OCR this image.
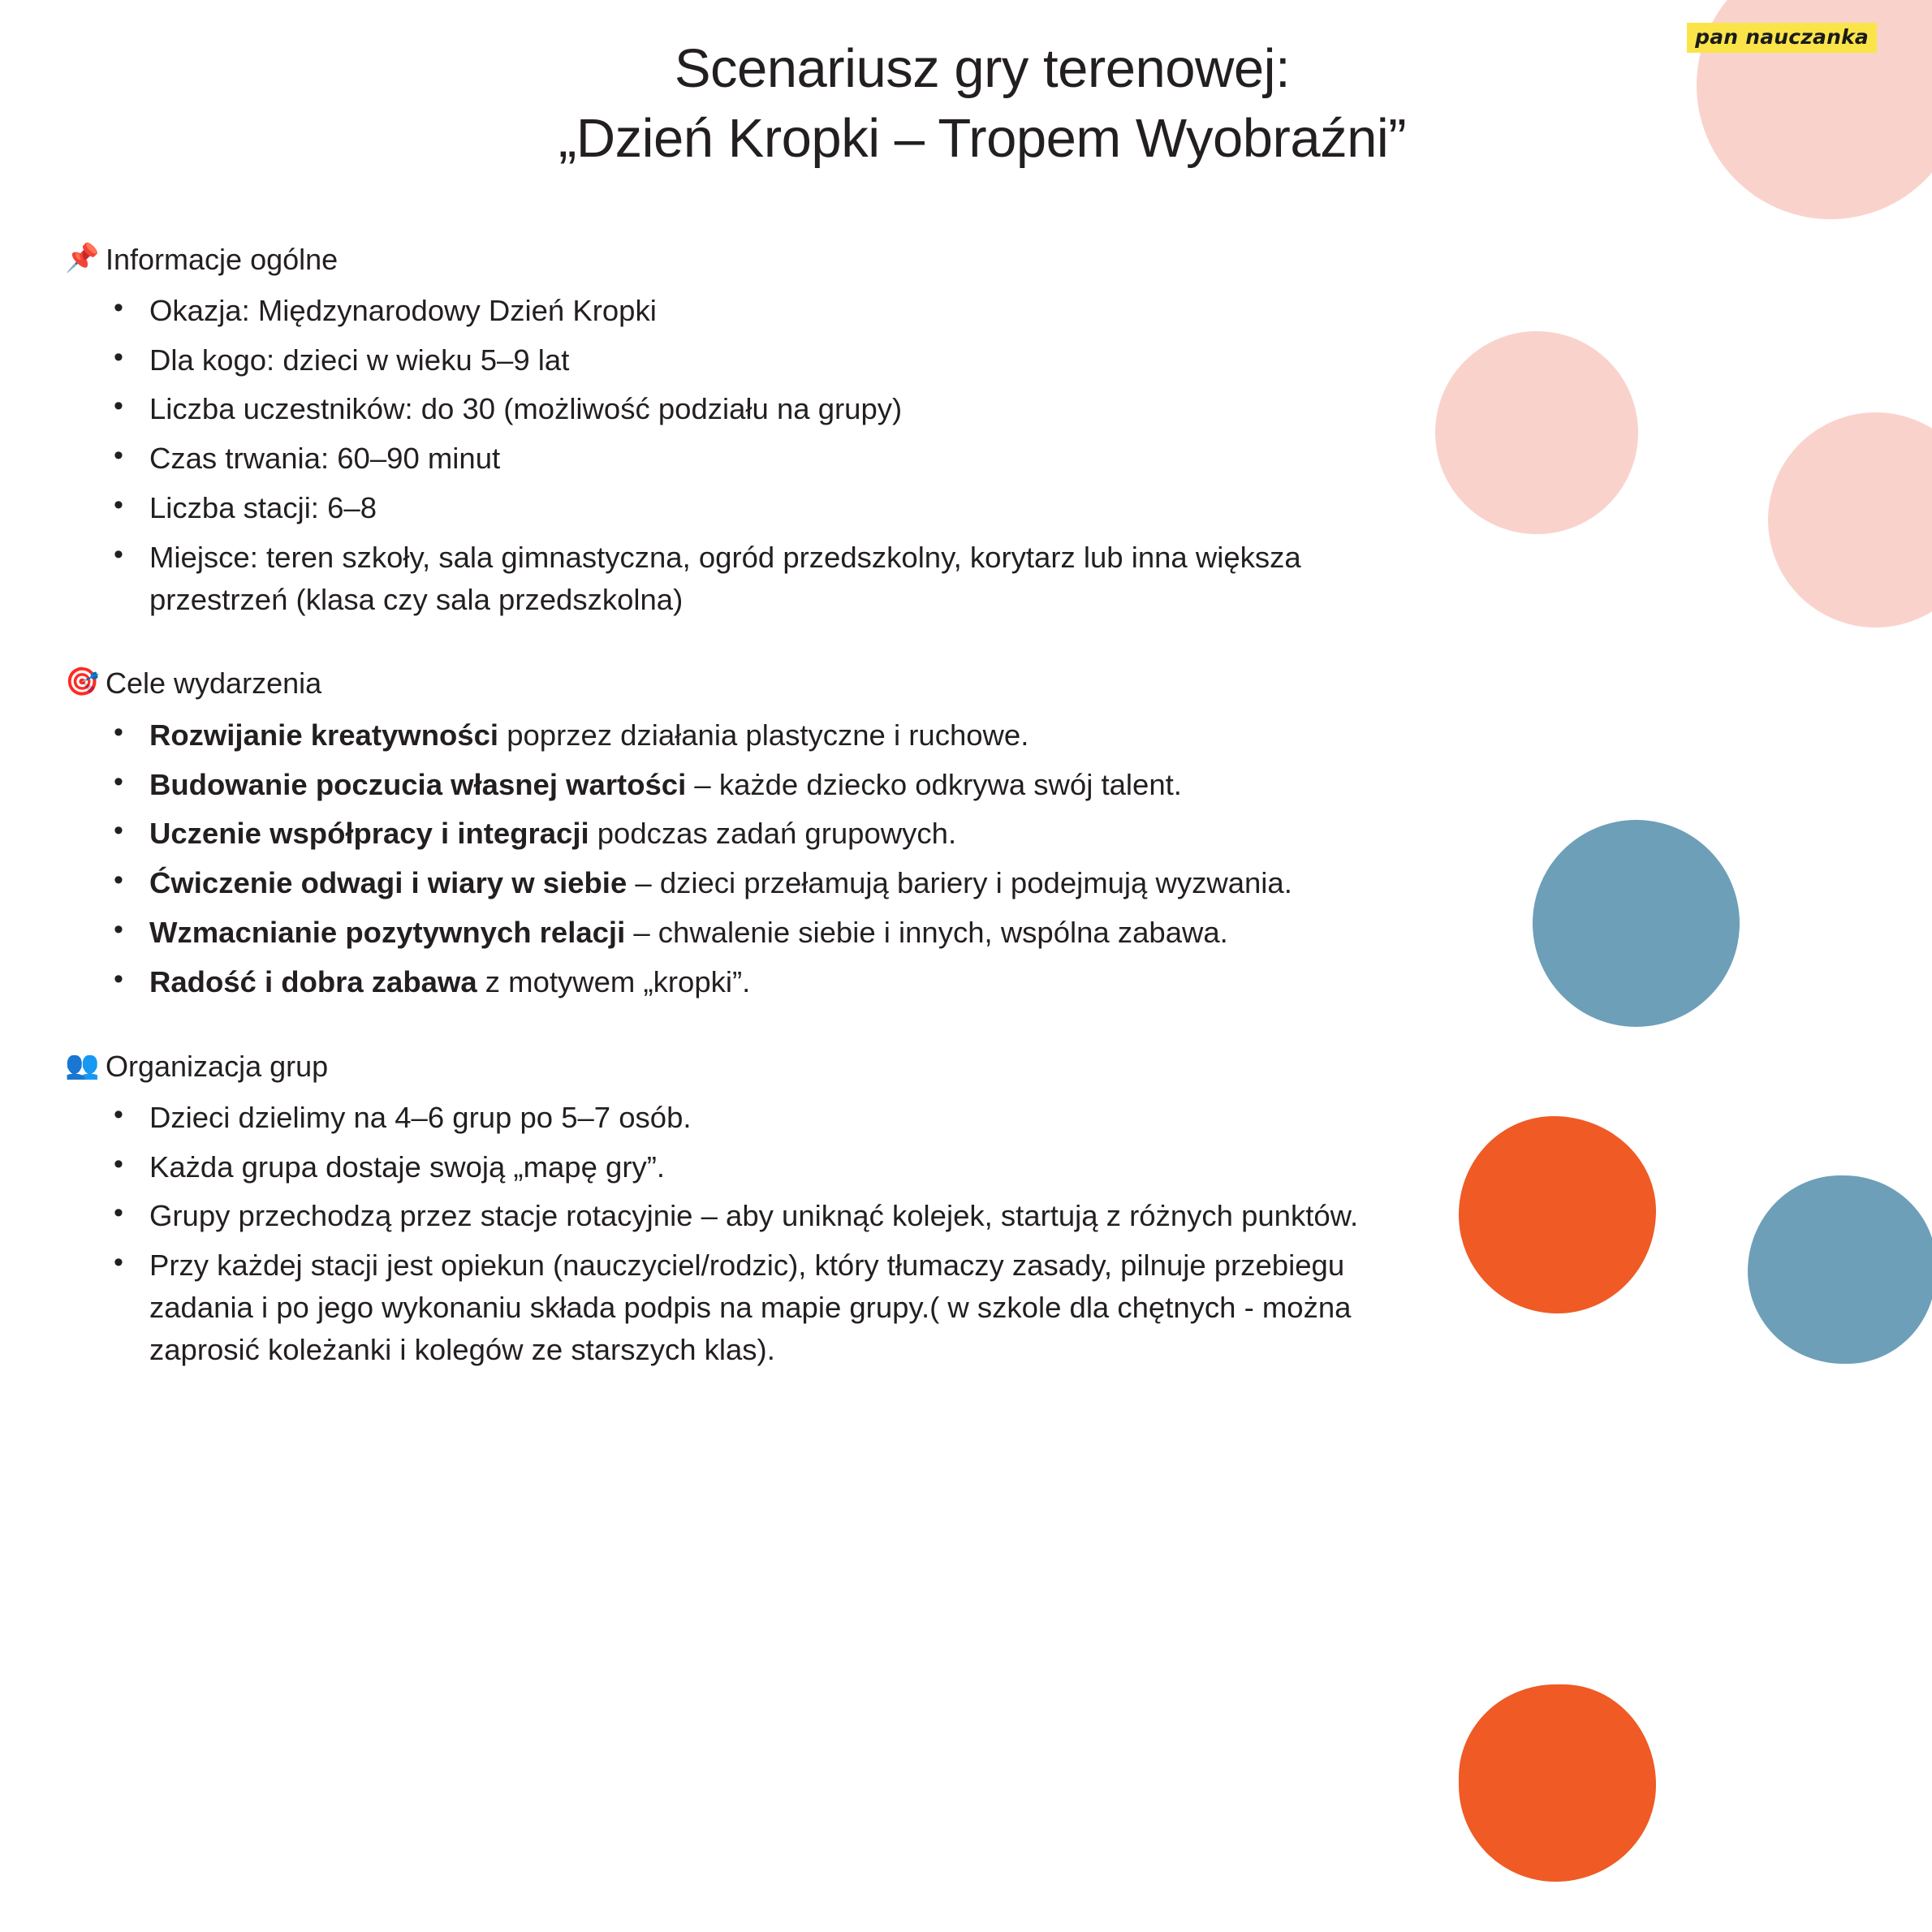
pan nauczanka
Scenariusz gry terenowej:
„Dzień Kropki – Tropem Wyobraźni”
📌 Informacje ogólne
• Okazja: Międzynarodowy Dzień Kropki
• Dla kogo: dzieci w wieku 5–9 lat
• Liczba uczestników: do 30 (możliwość podziału na grupy)
• Czas trwania: 60–90 minut
• Liczba stacji: 6–8
• Miejsce: teren szkoły, sala gimnastyczna, ogród przedszkolny, korytarz lub inna większa przestrzeń (klasa czy sala przedszkolna)
🎯 Cele wydarzenia
• Rozwijanie kreatywności poprzez działania plastyczne i ruchowe.
• Budowanie poczucia własnej wartości – każde dziecko odkrywa swój talent.
• Uczenie współpracy i integracji podczas zadań grupowych.
• Ćwiczenie odwagi i wiary w siebie – dzieci przełamują bariery i podejmują wyzwania.
• Wzmacnianie pozytywnych relacji – chwalenie siebie i innych, wspólna zabawa.
• Radość i dobra zabawa z motywem „kropki”.
👥 Organizacja grup
• Dzieci dzielimy na 4–6 grup po 5–7 osób.
• Każda grupa dostaje swoją „mapę gry”.
• Grupy przechodzą przez stacje rotacyjnie – aby uniknąć kolejek, startują z różnych punktów.
• Przy każdej stacji jest opiekun (nauczyciel/rodzic), który tłumaczy zasady, pilnuje przebiegu zadania i po jego wykonaniu składa podpis na mapie grupy.( w szkole dla chętnych - można zaprosić koleżanki i kolegów ze starszych klas).
